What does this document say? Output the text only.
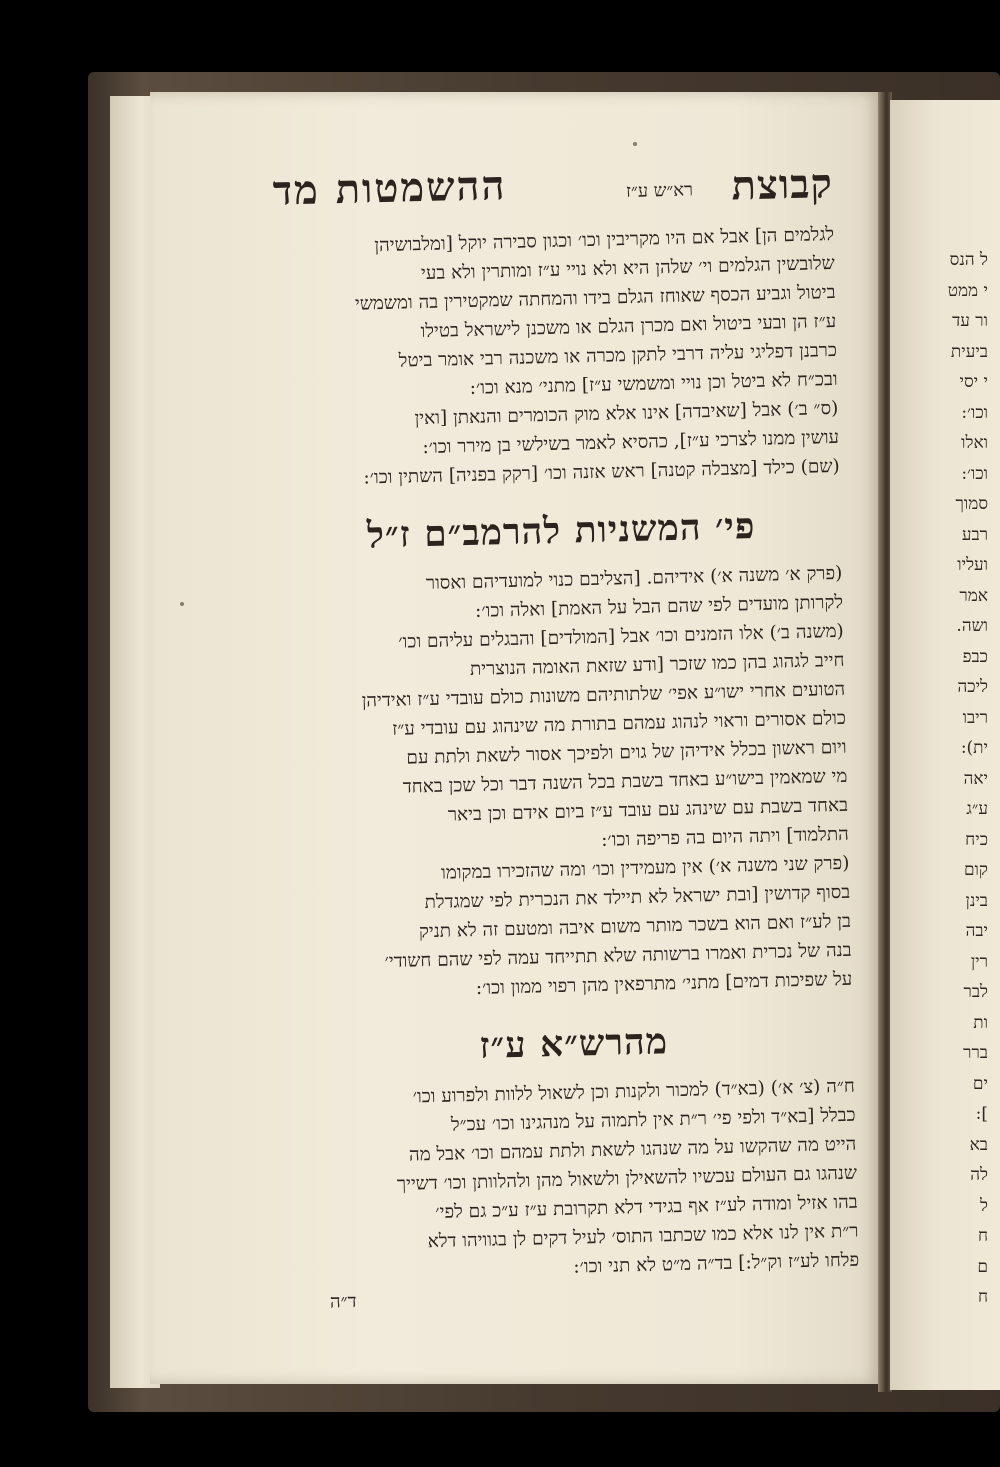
ל הנס
י ממט
ור עד
ביעית
י יסי
וכו׳:
ואלו
וכו׳:
סמוך
רבע
ועליו
אמר
ושה.
כבפ
ליכה
ריבו
ית):
יאה
ע״ג
כיח
קום
בינן
יבה
רין
לבר
ות
ברר
ים
]:
בא
לה
ל
ח
ם
ח
קבוצת
רא״ש ע״ז
ההשמטות מד
לגלמים הן] אבל אם היו מקריבין וכו׳ וכגון סבירה יוקל [ומלבושיהן
שלובשין הגלמים וי׳ שלהן היא ולא נויי ע״ז ומותרין ולא בעי
ביטול וגביע הכסף שאוחז הגלם בידו והמחתה שמקטירין בה ומשמשי
ע״ז הן ובעי ביטול ואם מכרן הגלם או משכנן לישראל בטילו
כרבנן דפליגי עליה דרבי לתקן מכרה או משכנה רבי אומר ביטל
ובכ״ח לא ביטל וכן נויי ומשמשי ע״ז] מתני׳ מנא וכו׳:
(ס״ ב׳) אבל [שאיבדה] אינו אלא מוק הכומרים והנאתן [ואין
עושין ממנו לצרכי ע״ז], כהסיא לאמר בשילשי בן מירר וכו׳:
(שם) כילד [מצבלה קטנה] ראש אזנה וכו׳ [רקק בפניה] השתין וכו׳:
פי׳ המשניות להרמב״ם ז״ל
(פרק א׳ משנה א׳) אידיהם. [הצליבם כנוי למועדיהם ואסור
לקרותן מועדים לפי שהם הבל על האמת] ואלה וכו׳:
(משנה ב׳) אלו הזמנים וכו׳ אבל [המולדים] והבגלים עליהם וכו׳
חייב לגהוג בהן כמו שזכר [ודע שזאת האומה הנוצרית
הטועים אחרי ישו״ע אפי׳ שלתותיהם משונות כולם עובדי ע״ז ואידיהן
כולם אסורים וראוי לנהוג עמהם בתורת מה שינהוג עם עובדי ע״ז
ויום ראשון בכלל אידיהן של גוים ולפיכך אסור לשאת ולתת עם
מי שמאמין בישו״ע באחד בשבת בכל השנה דבר וכל שכן באחד
באחד בשבת עם שינהג עם עובד ע״ז ביום אידם וכן ביאר
התלמוד] ויתה היום בה פריפה וכו׳:
(פרק שני משנה א׳) אין מעמידין וכו׳ ומה שהזכירו במקומו
בסוף קדושין [ובת ישראל לא תיילד את הנכרית לפי שמגדלת
בן לע״ז ואם הוא בשכר מותר משום איבה ומטעם זה לא תניק
בנה של נכרית ואמרו ברשותה שלא תתייחד עמה לפי שהם חשודי׳
על שפיכות דמים] מתני׳ מתרפאין מהן רפוי ממון וכו׳:
מהרש״א ע״ז
ח״ה (צ׳ א׳) (בא״ד) למכור ולקנות וכן לשאול ללוות ולפרוע וכו׳
כבלל [בא״ד ולפי פי׳ ר״ת אין לתמוה על מנהגינו וכו׳ עכ״ל
הייט מה שהקשו על מה שנהגו לשאת ולתת עמהם וכו׳ אבל מה
שנהגו גם העולם עכשיו להשאילן ולשאול מהן ולהלוותן וכו׳ דשייך
בהו אזיל ומודה לע״ז אף בגידי דלא תקרובת ע״ז ע״כ גם לפי׳
ר״ת אין לנו אלא כמו שכתבו התוס׳ לעיל דקים לן בגוויהו דלא
פלחו לע״ז וק״ל:] בד״ה מ״ט לא תני וכו׳:
ד״ה
